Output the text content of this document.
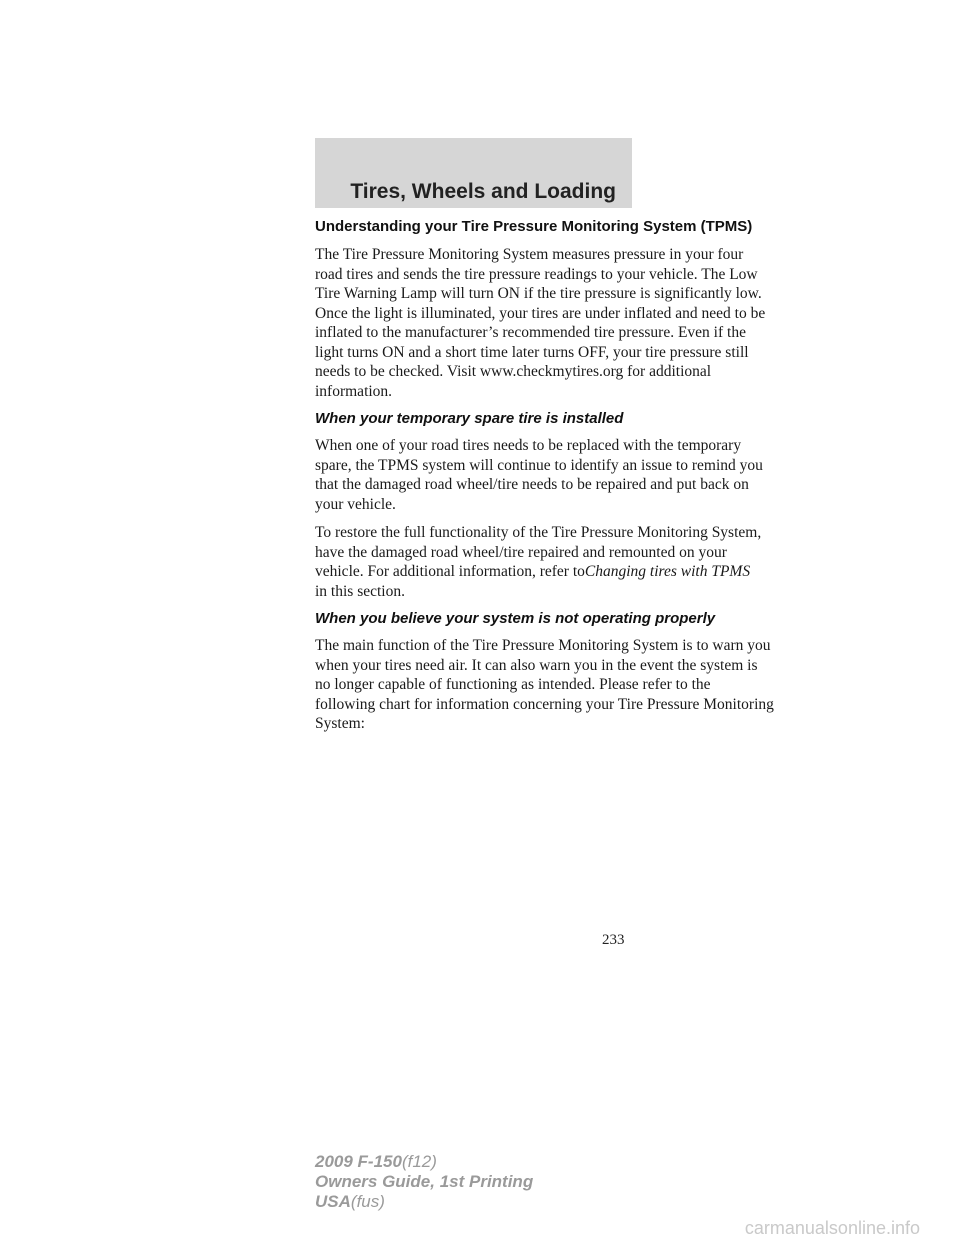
Tires, Wheels and Loading
Understanding your Tire Pressure Monitoring System (TPMS)

The Tire Pressure Monitoring System measures pressure in your four
road tires and sends the tire pressure readings to your vehicle. The Low
Tire Warning Lamp will turn ON if the tire pressure is significantly low.
Once the light is illuminated, your tires are under inflated and need to be
inflated to the manufacturer’s recommended tire pressure. Even if the
light turns ON and a short time later turns OFF, your tire pressure still
needs to be checked. Visit www.checkmytires.org for additional
information.

When your temporary spare tire is installed

When one of your road tires needs to be replaced with the temporary
spare, the TPMS system will continue to identify an issue to remind you
that the damaged road wheel/tire needs to be repaired and put back on
your vehicle.

To restore the full functionality of the Tire Pressure Monitoring System,
have the damaged road wheel/tire repaired and remounted on your
vehicle. For additional information, refer toChanging tires with TPMS
in this section.

When you believe your system is not operating properly

The main function of the Tire Pressure Monitoring System is to warn you
when your tires need air. It can also warn you in the event the system is
no longer capable of functioning as intended. Please refer to the
following chart for information concerning your Tire Pressure Monitoring
System:

233
2009 F-150(f12)
Owners Guide, 1st Printing
USA(fus)
carmanualsonline.info
